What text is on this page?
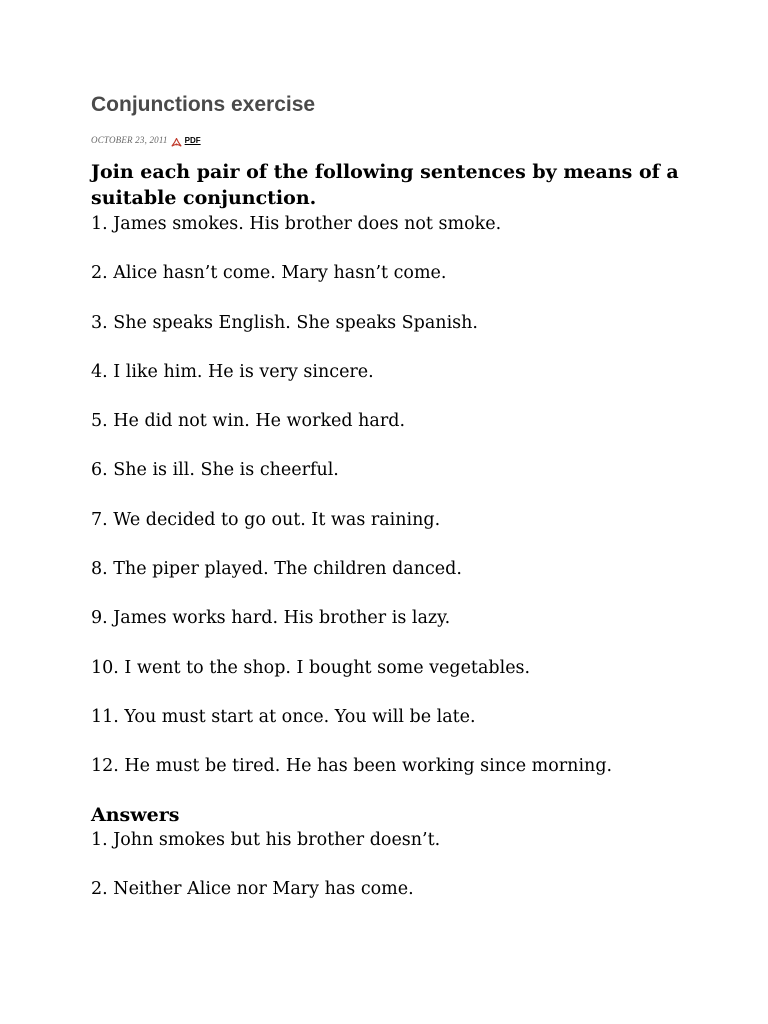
Conjunctions exercise
OCTOBER 23, 2011 PDF

Join each pair of the following sentences by means of a suitable conjunction.

1. James smokes. His brother does not smoke.
2. Alice hasn’t come. Mary hasn’t come.
3. She speaks English. She speaks Spanish.
4. I like him. He is very sincere.
5. He did not win. He worked hard.
6. She is ill. She is cheerful.
7. We decided to go out. It was raining.
8. The piper played. The children danced.
9. James works hard. His brother is lazy.
10. I went to the shop. I bought some vegetables.
11. You must start at once. You will be late.
12. He must be tired. He has been working since morning.
Answers
1. John smokes but his brother doesn’t.
2. Neither Alice nor Mary has come.
